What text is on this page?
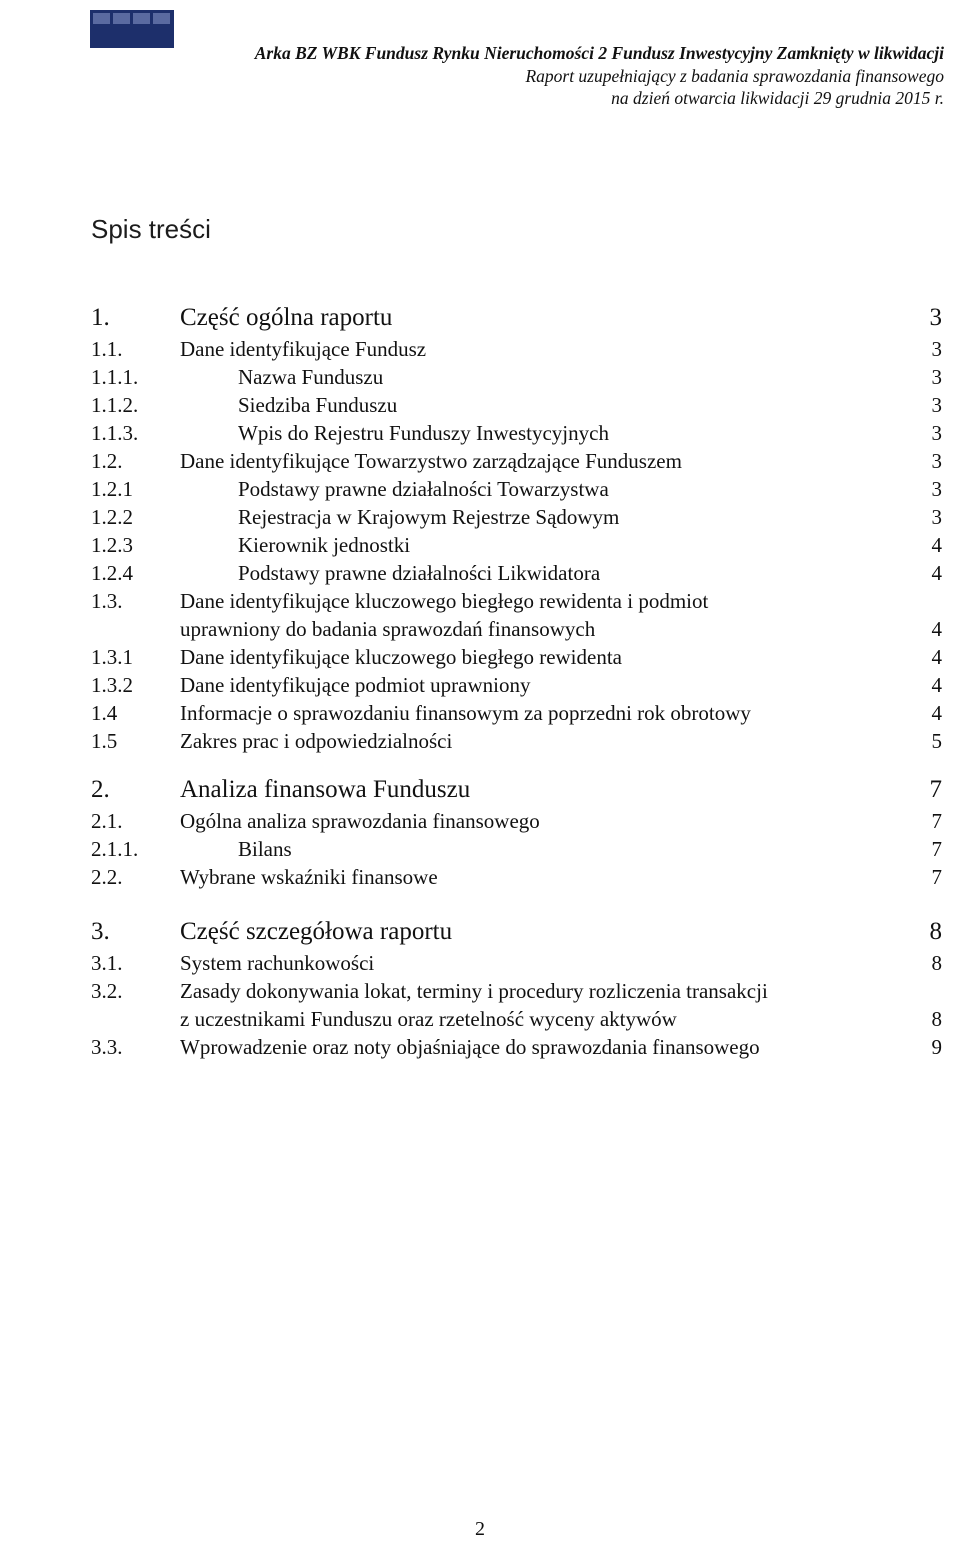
Arka BZ WBK Fundusz Rynku Nieruchomości 2 Fundusz Inwestycyjny Zamknięty w likwidacji
Raport uzupełniający z badania sprawozdania finansowego
na dzień otwarcia likwidacji 29 grudnia 2015 r.
Spis treści
1.	Część ogólna raportu	3
1.1.	Dane identyfikujące Fundusz	3
1.1.1.	Nazwa Funduszu	3
1.1.2.	Siedziba Funduszu	3
1.1.3.	Wpis do Rejestru Funduszy Inwestycyjnych	3
1.2.	Dane identyfikujące Towarzystwo zarządzające Funduszem	3
1.2.1	Podstawy prawne działalności Towarzystwa	3
1.2.2	Rejestracja w Krajowym Rejestrze Sądowym	3
1.2.3	Kierownik jednostki	4
1.2.4	Podstawy prawne działalności Likwidatora	4
1.3.	Dane identyfikujące kluczowego biegłego rewidenta i podmiot
uprawniony do badania sprawozdań finansowych	4
1.3.1 Dane identyfikujące kluczowego biegłego rewidenta	4
1.3.2 Dane identyfikujące podmiot uprawniony	4
1.4	Informacje o sprawozdaniu finansowym za poprzedni rok obrotowy	4
1.5	Zakres prac i odpowiedzialności	5
2.	Analiza finansowa Funduszu	7
2.1.	Ogólna analiza sprawozdania finansowego	7
2.1.1.	Bilans	7
2.2.	Wybrane wskaźniki finansowe	7
3.	Część szczegółowa raportu	8
3.1.	System rachunkowości	8
3.2.	Zasady dokonywania lokat, terminy i procedury rozliczenia transakcji
z uczestnikami Funduszu oraz rzetelność wyceny aktywów	8
3.3.	Wprowadzenie oraz noty objaśniające do sprawozdania finansowego	9
2
